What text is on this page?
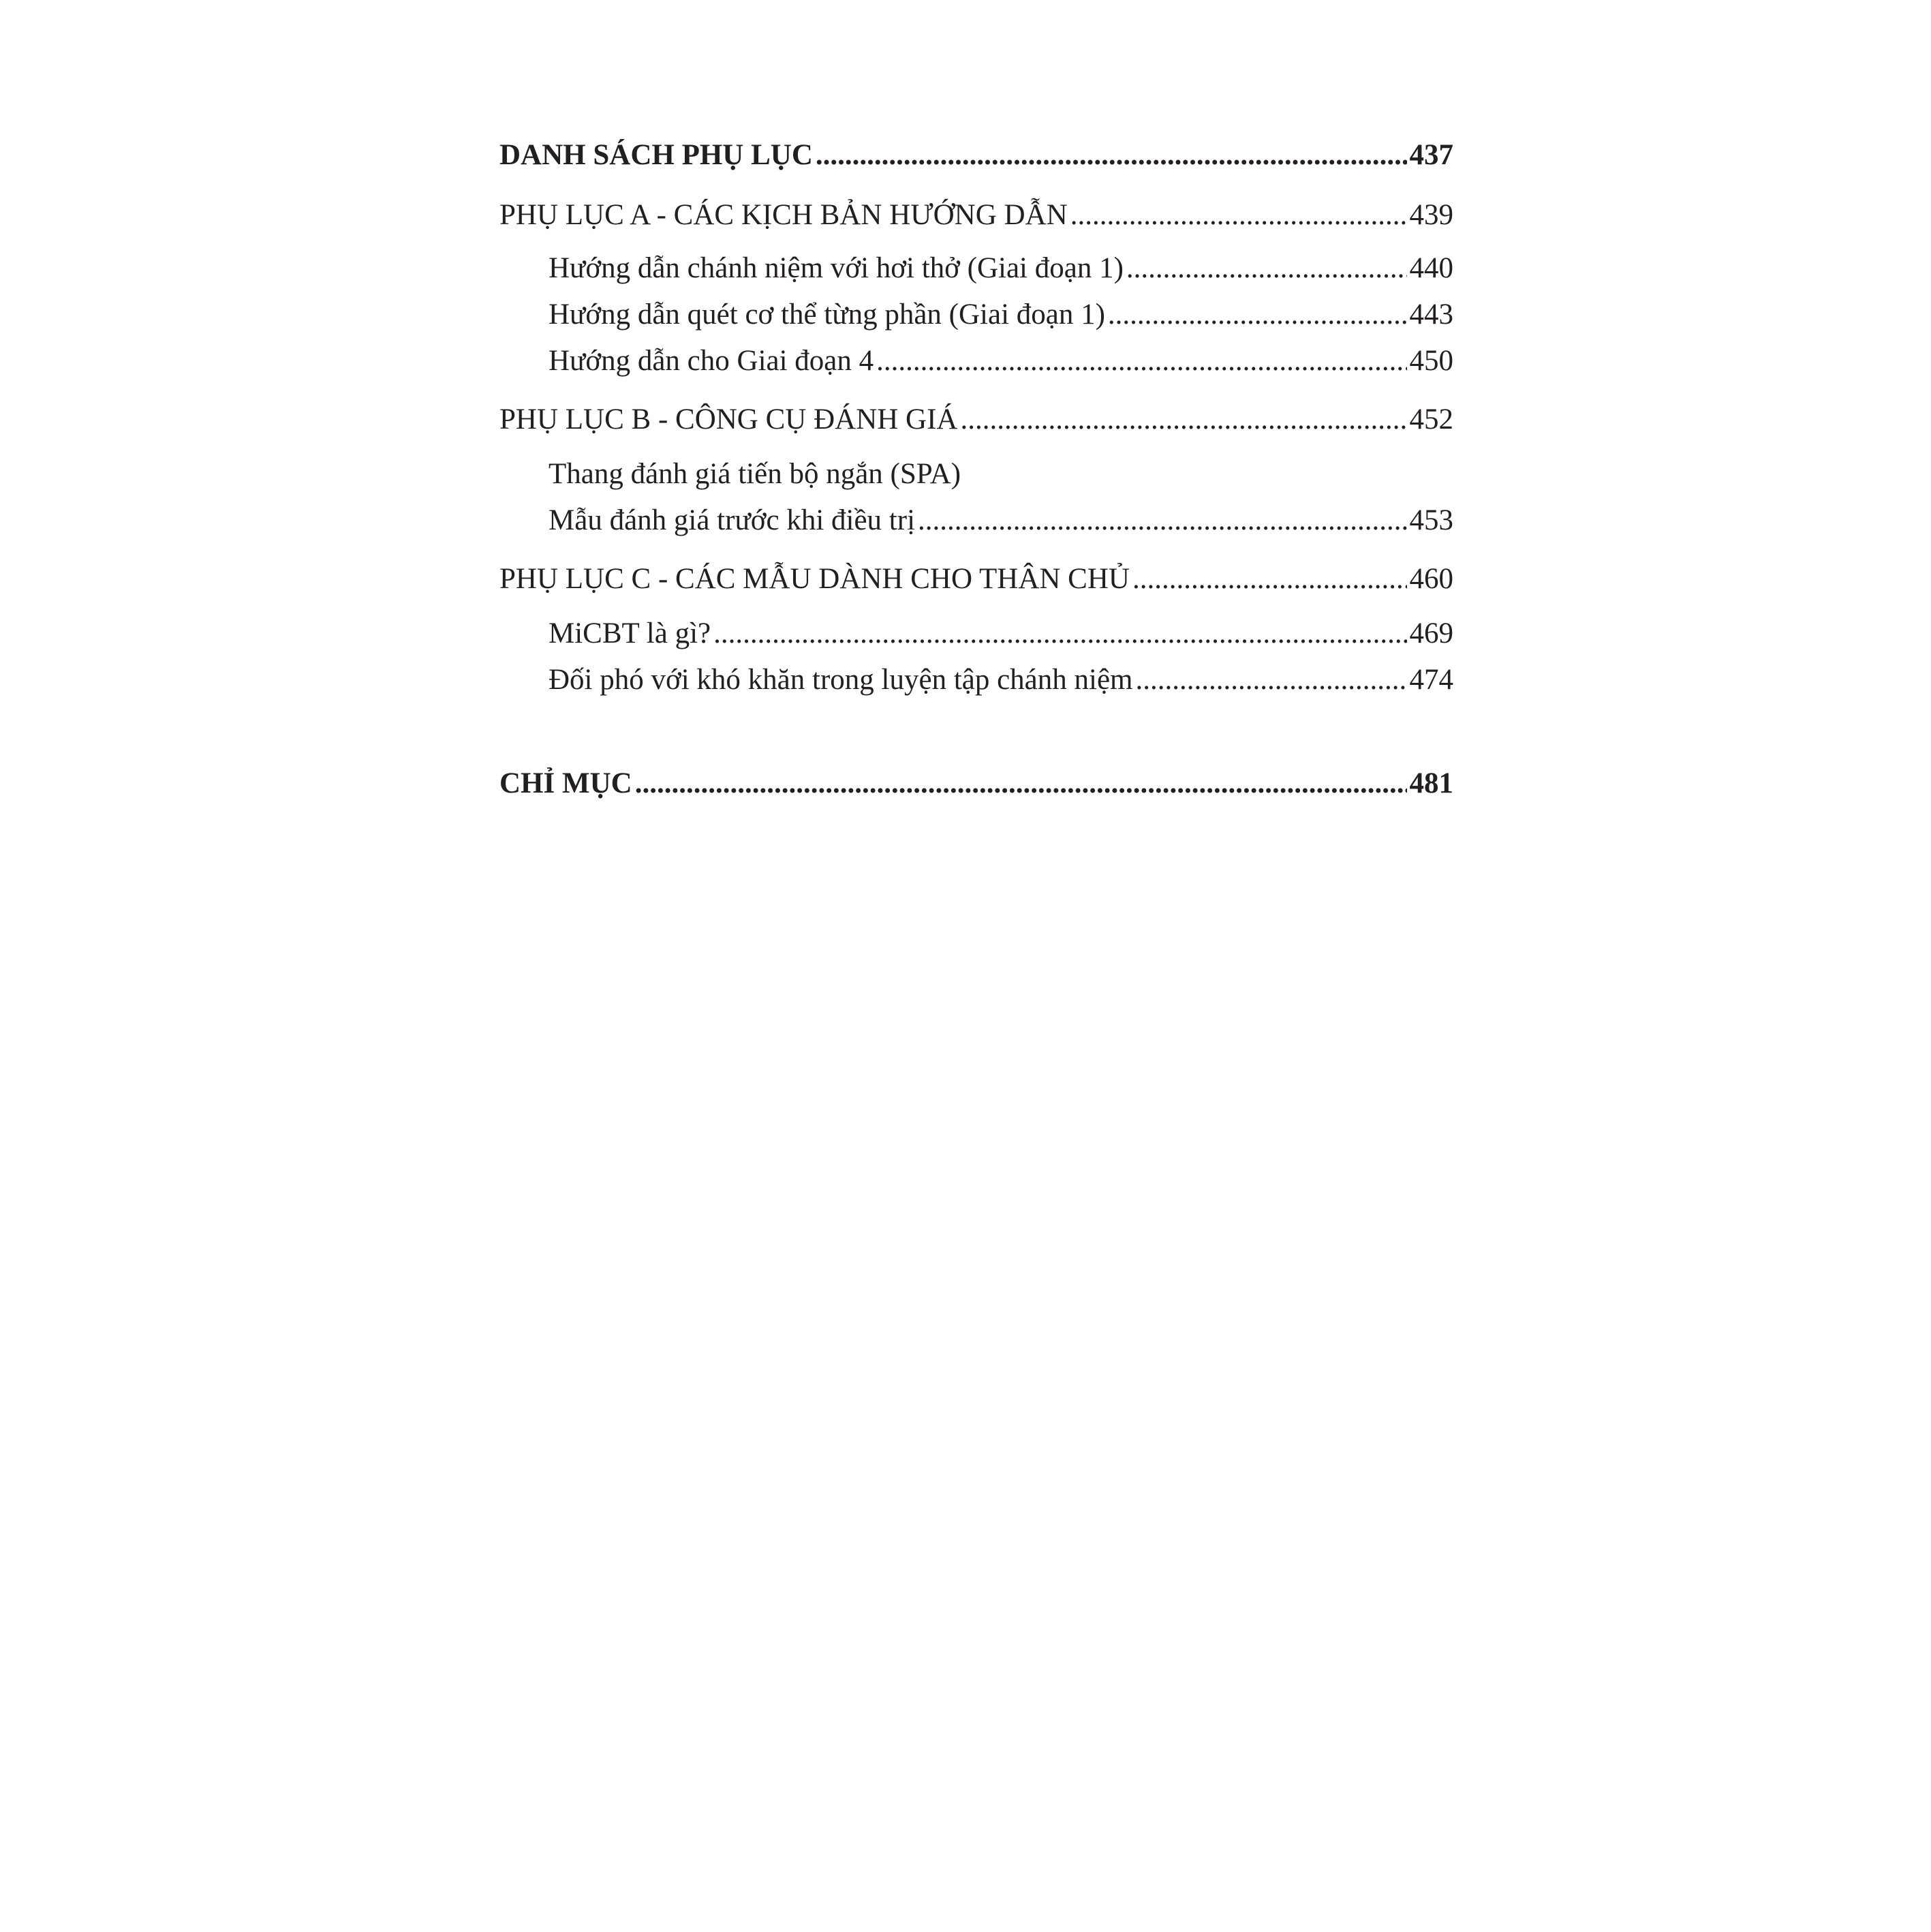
DANH SÁCH PHỤ LỤC .....	437
PHỤ LỤC A - CÁC KỊCH BẢN HƯỚNG DẪN .....	439
Hướng dẫn chánh niệm với hơi thở (Giai đoạn 1) .....	440
Hướng dẫn quét cơ thể từng phần (Giai đoạn 1) .....	443
Hướng dẫn cho Giai đoạn 4 .....	450
PHỤ LỤC B - CÔNG CỤ ĐÁNH GIÁ .....	452
Thang đánh giá tiến bộ ngắn (SPA)
Mẫu đánh giá trước khi điều trị .....	453
PHỤ LỤC C - CÁC MẪU DÀNH CHO THÂN CHỦ .....	460
MiCBT là gì? .....	469
Đối phó với khó khăn trong luyện tập chánh niệm .....	474
CHỈ MỤC .....	481
